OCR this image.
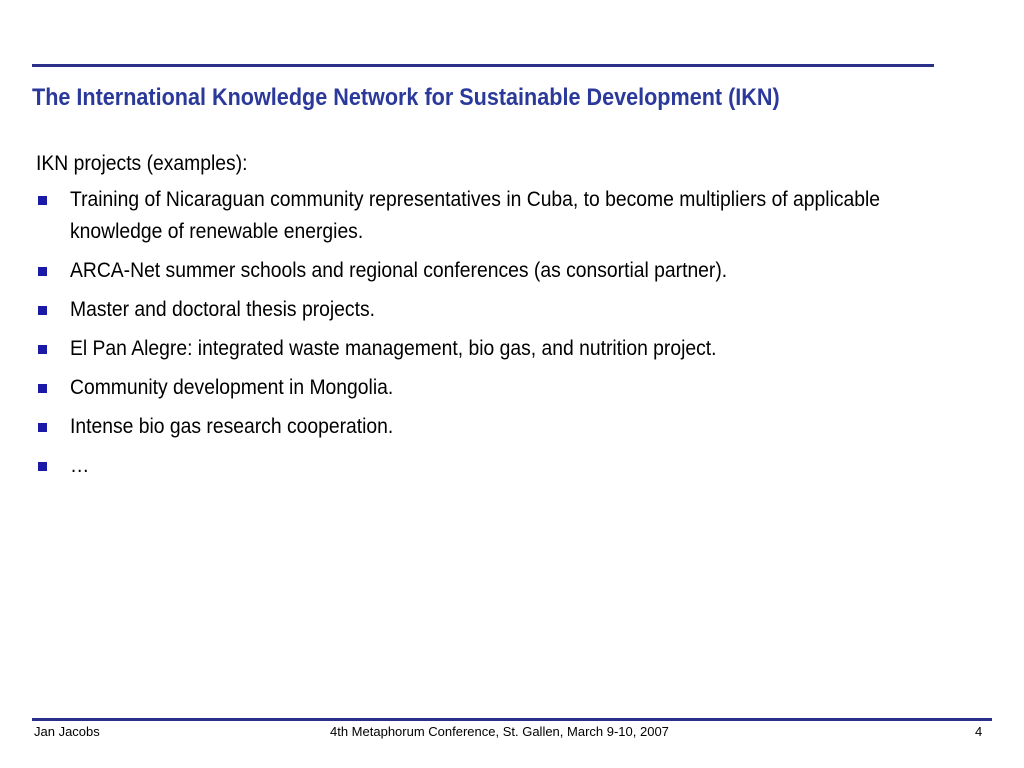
The International Knowledge Network for Sustainable Development (IKN)
IKN projects (examples):
Training of Nicaraguan community representatives in Cuba, to become multipliers of applicable knowledge of renewable energies.
ARCA-Net summer schools and regional conferences (as consortial partner).
Master and doctoral thesis projects.
El Pan Alegre: integrated waste management, bio gas, and nutrition project.
Community development in Mongolia.
Intense bio gas research cooperation.
…
Jan Jacobs	4th Metaphorum Conference, St. Gallen, March 9-10, 2007	4
